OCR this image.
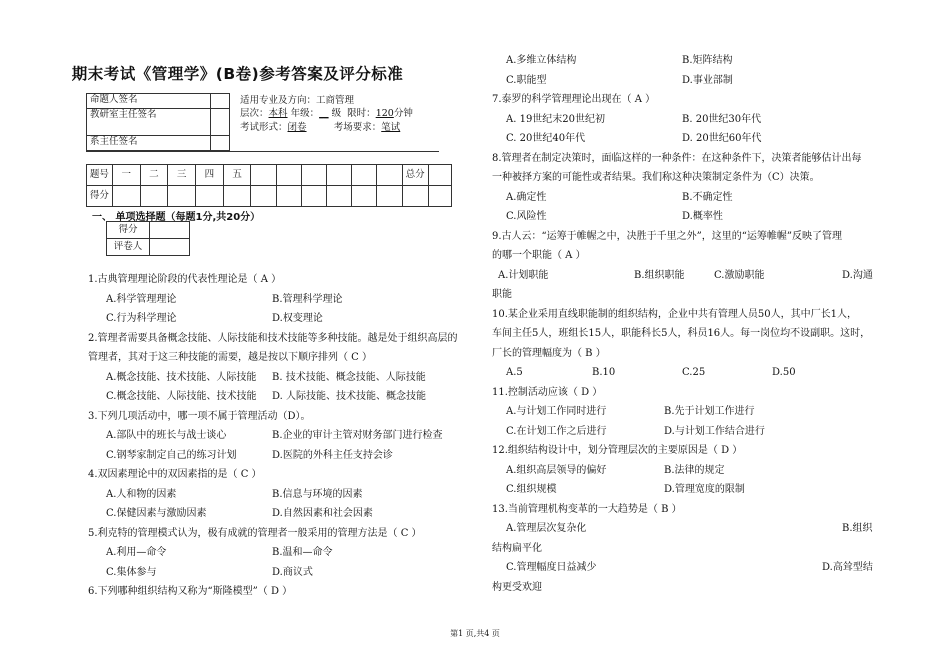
期末考试《管理学》(B卷)参考答案及评分标准
命题人签名		适用专业及方向：工商管理
层次：本科 年级：__ 级 限时：120分钟
考试形式：闭卷 考场要求：笔试

教研室主任签名		
系主任签名		
题号	一	二	三	四	五							总分	
得分													
一、 单项选择题（每题1分,共20分）
得分	
评卷人	
1.古典管理理论阶段的代表性理论是（ A ）
A.科学管理理论	B.管理科学理论
C.行为科学理论	D.权变理论
2.管理者需要具备概念技能、人际技能和技术技能等多种技能。越是处于组织高层的
管理者，其对于这三种技能的需要，越是按以下顺序排列（ C ）
A.概念技能、技术技能、人际技能 B. 技术技能、概念技能、人际技能
C.概念技能、人际技能、技术技能 D. 人际技能、技术技能、概念技能
3.下列几项活动中，哪一项不属于管理活动（D）。
A.部队中的班长与战士谈心	B.企业的审计主管对财务部门进行检查
C.钢琴家制定自己的练习计划	D.医院的外科主任支持会诊
4.双因素理论中的双因素指的是（ C ）
A.人和物的因素	B.信息与环境的因素
C.保健因素与激励因素	D.自然因素和社会因素
5.利克特的管理模式认为，极有成就的管理者一般采用的管理方法是（ C ）
A.利用—命令	B.温和—命令
C.集体参与	D.商议式
6.下列哪种组织结构又称为“斯隆模型”（ D ）
A.多维立体结构	B.矩阵结构
C.职能型	D.事业部制
7.泰罗的科学管理理论出现在（ A ）
A. 19世纪末20世纪初	B. 20世纪30年代
C. 20世纪40年代	D. 20世纪60年代
8.管理者在制定决策时，面临这样的一种条件：在这种条件下，决策者能够估计出每
一种被择方案的可能性或者结果。我们称这种决策制定条件为（C）决策。
A.确定性	B.不确定性
C.风险性	D.概率性
9.古人云：“运筹于帷幄之中，决胜于千里之外”，这里的“运筹帷幄”反映了管理
的哪一个职能（ A ）
A.计划职能	B.组织职能	C.激励职能	D.沟通
职能
10.某企业采用直线职能制的组织结构，企业中共有管理人员50人，其中厂长1人，
车间主任5人，班组长15人，职能科长5人，科员16人。每一岗位均不设副职。这时，
厂长的管理幅度为（ B ）
A.5	B.10	C.25	D.50
11.控制活动应该（ D ）
A.与计划工作同时进行	B.先于计划工作进行
C.在计划工作之后进行	D.与计划工作结合进行
12.组织结构设计中，划分管理层次的主要原因是（ D ）
A.组织高层领导的偏好	B.法律的规定
C.组织规模	D.管理宽度的限制
13.当前管理机构变革的一大趋势是（ B ）
A.管理层次复杂化	B.组织
结构扁平化
C.管理幅度日益减少	D.高耸型结
构更受欢迎
第1 页,共4 页
